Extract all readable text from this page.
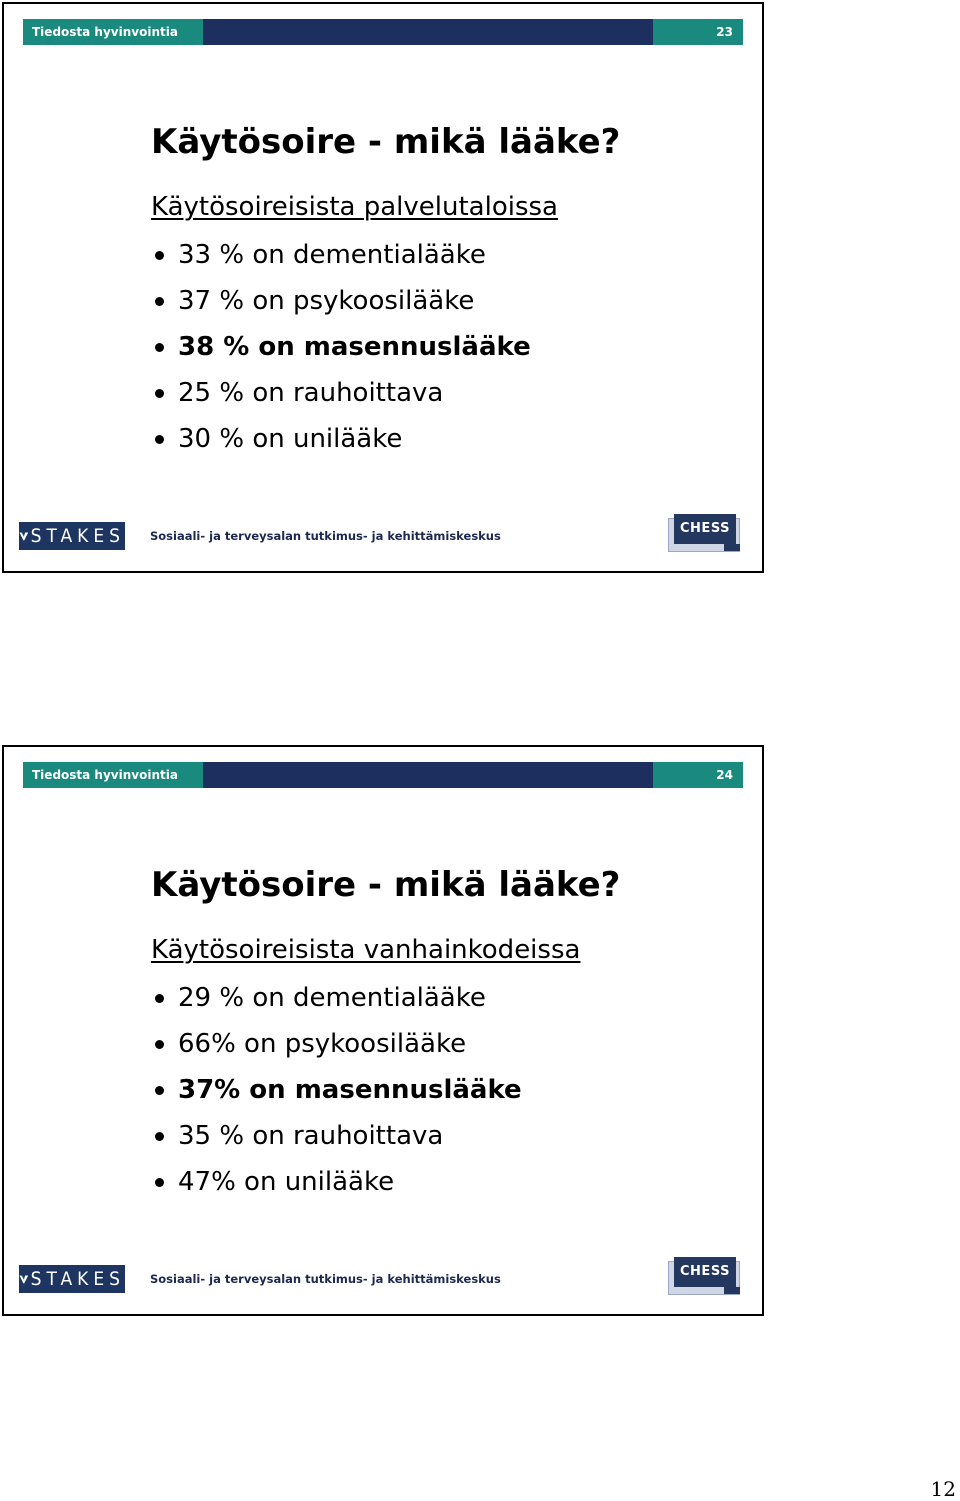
Tiedosta hyvinvointia	23
Käytösoire - mikä lääke?
Käytösoireisista palvelutaloissa
33 % on dementialääke
37 % on psykoosilääke
38 % on masennuslääke
25 % on rauhoittava
30 % on unilääke
STAKES Sosiaali- ja terveysalan tutkimus- ja kehittämiskeskus	CHESS
Tiedosta hyvinvointia	24
Käytösoire - mikä lääke?
Käytösoireisista vanhainkodeissa
29 % on dementialääke
66% on psykoosilääke
37% on masennuslääke
35 % on rauhoittava
47% on unilääke
STAKES Sosiaali- ja terveysalan tutkimus- ja kehittämiskeskus	CHESS
12
